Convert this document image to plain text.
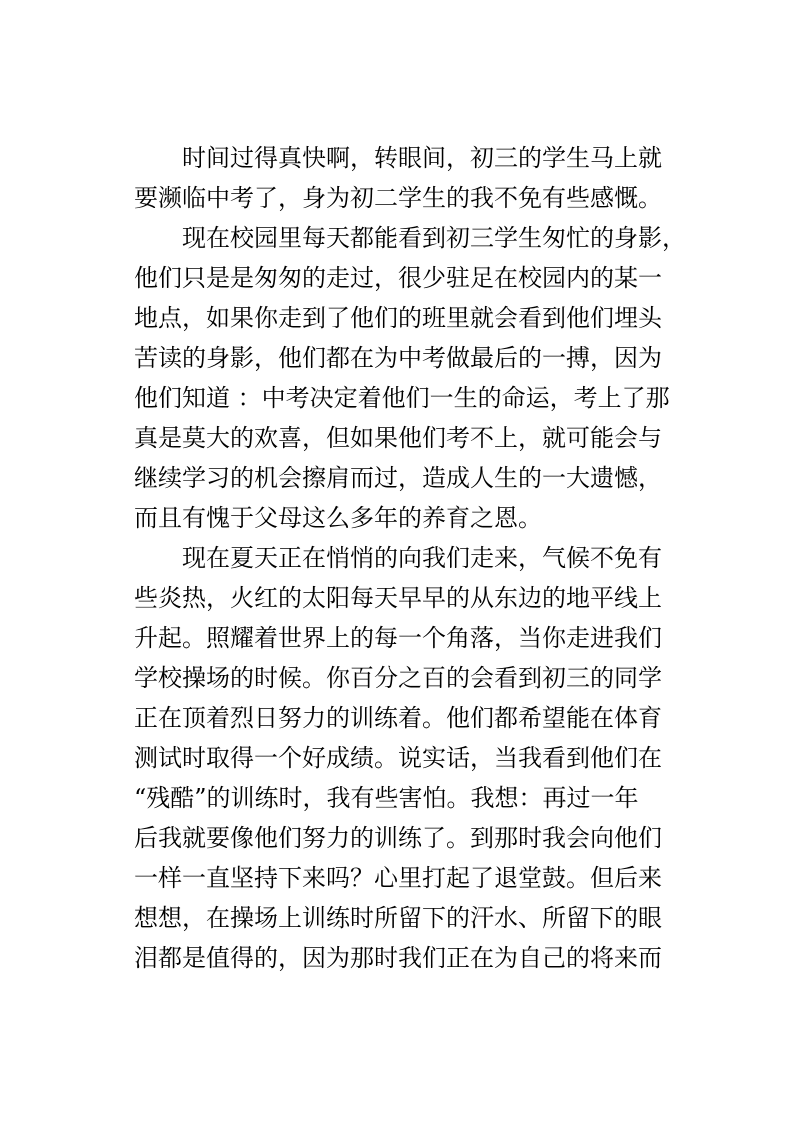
时间过得真快啊，转眼间，初三的学生马上就
要濒临中考了，身为初二学生的我不免有些感慨。
现在校园里每天都能看到初三学生匆忙的身影，
他们只是是匆匆的走过，很少驻足在校园内的某一
地点，如果你走到了他们的班里就会看到他们埋头
苦读的身影，他们都在为中考做最后的一搏，因为
他们知道 ：中考决定着他们一生的命运，考上了那
真是莫大的欢喜，但如果他们考不上，就可能会与
继续学习的机会擦肩而过，造成人生的一大遗憾，
而且有愧于父母这么多年的养育之恩。
现在夏天正在悄悄的向我们走来，气候不免有
些炎热，火红的太阳每天早早的从东边的地平线上
升起。照耀着世界上的每一个角落，当你走进我们
学校操场的时候。你百分之百的会看到初三的同学
正在顶着烈日努力的训练着。他们都希望能在体育
测试时取得一个好成绩。说实话，当我看到他们在
“残酷”的训练时，我有些害怕。我想：再过一年
后我就要像他们努力的训练了。到那时我会向他们
一样一直坚持下来吗？心里打起了退堂鼓。但后来
想想，在操场上训练时所留下的汗水、所留下的眼
泪都是值得的，因为那时我们正在为自己的将来而
